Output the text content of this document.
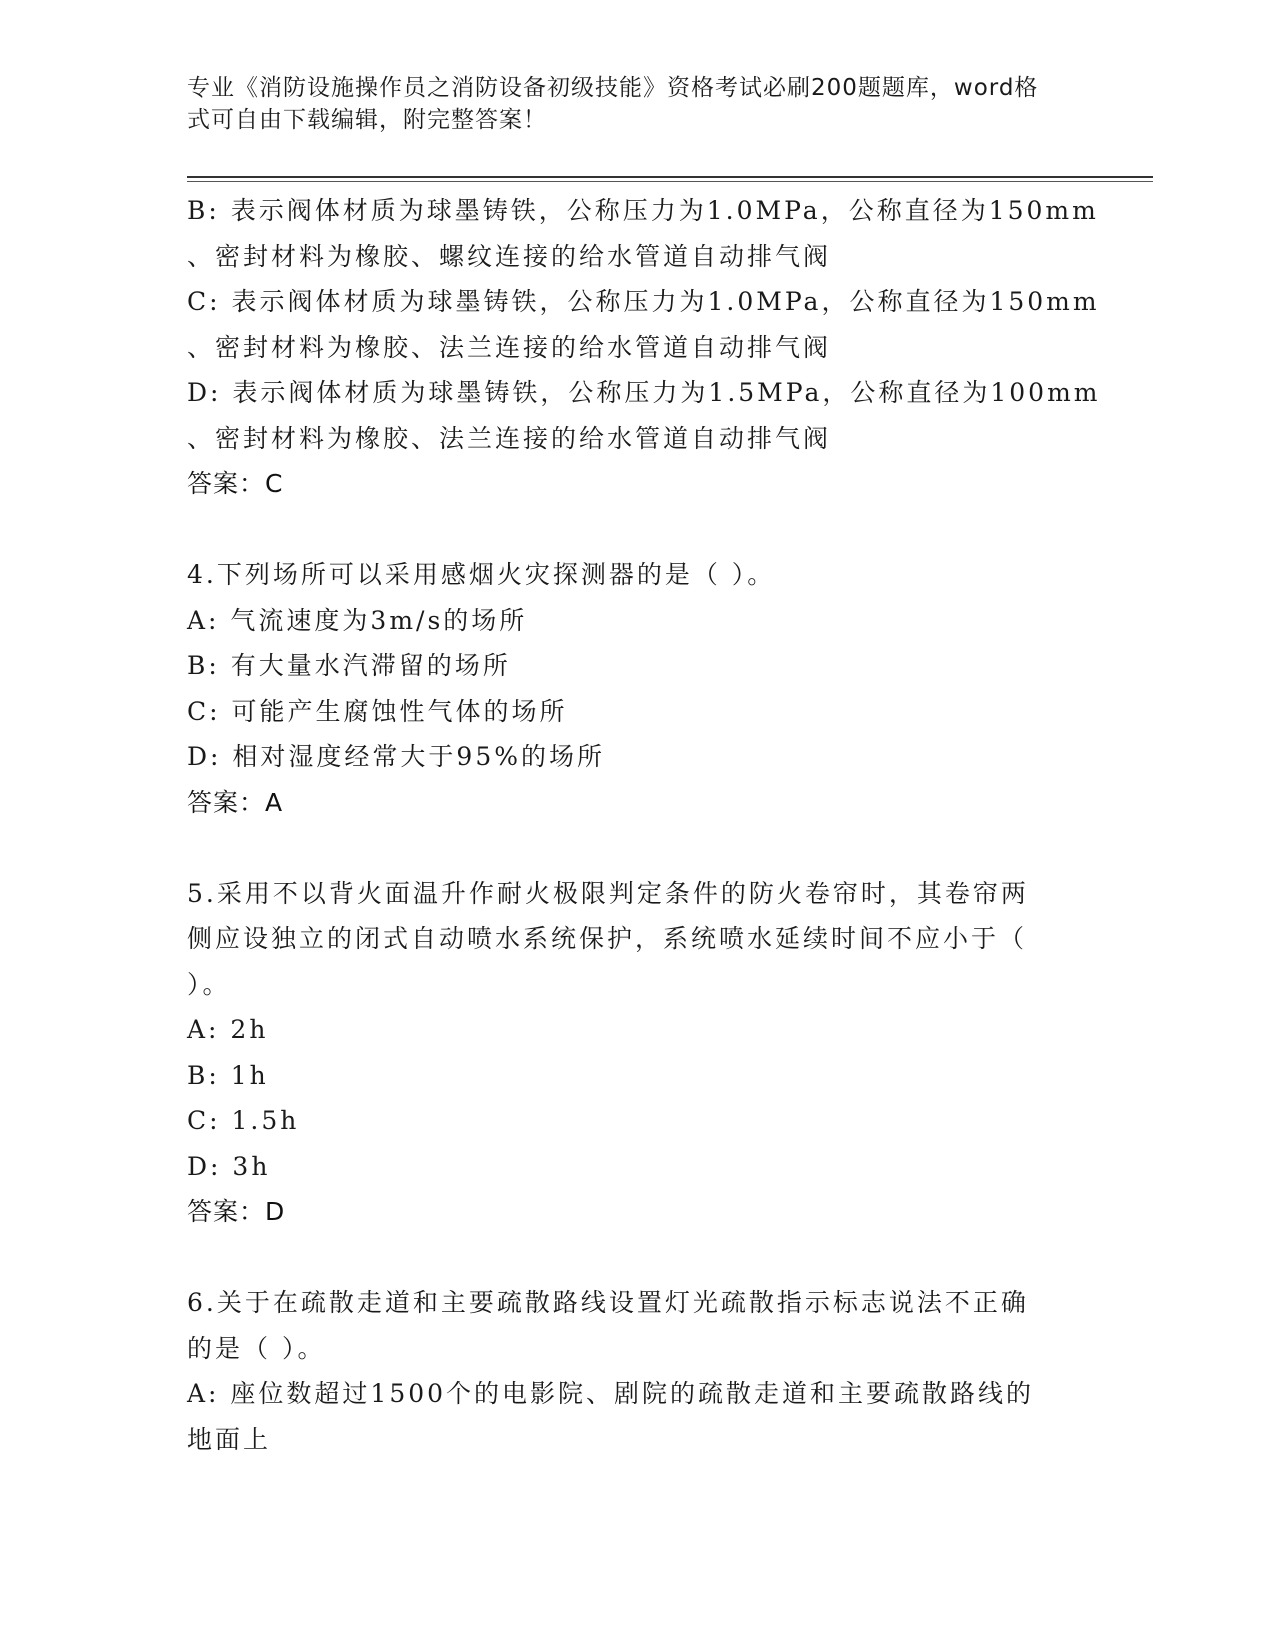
专业《消防设施操作员之消防设备初级技能》资格考试必刷200题题库，word格
式可自由下载编辑，附完整答案！
B: 表示阀体材质为球墨铸铁，公称压力为1.0MPa，公称直径为150mm
、密封材料为橡胶、螺纹连接的给水管道自动排气阀
C: 表示阀体材质为球墨铸铁，公称压力为1.0MPa，公称直径为150mm
、密封材料为橡胶、法兰连接的给水管道自动排气阀
D: 表示阀体材质为球墨铸铁，公称压力为1.5MPa，公称直径为100mm
、密封材料为橡胶、法兰连接的给水管道自动排气阀
答案：C
4.下列场所可以采用感烟火灾探测器的是（ ）。
A: 气流速度为3m/s的场所
B: 有大量水汽滞留的场所
C: 可能产生腐蚀性气体的场所
D: 相对湿度经常大于95%的场所
答案：A
5.采用不以背火面温升作耐火极限判定条件的防火卷帘时，其卷帘两
侧应设独立的闭式自动喷水系统保护，系统喷水延续时间不应小于（
）。
A: 2h
B: 1h
C: 1.5h
D: 3h
答案：D
6.关于在疏散走道和主要疏散路线设置灯光疏散指示标志说法不正确
的是（ ）。
A: 座位数超过1500个的电影院、剧院的疏散走道和主要疏散路线的
地面上
